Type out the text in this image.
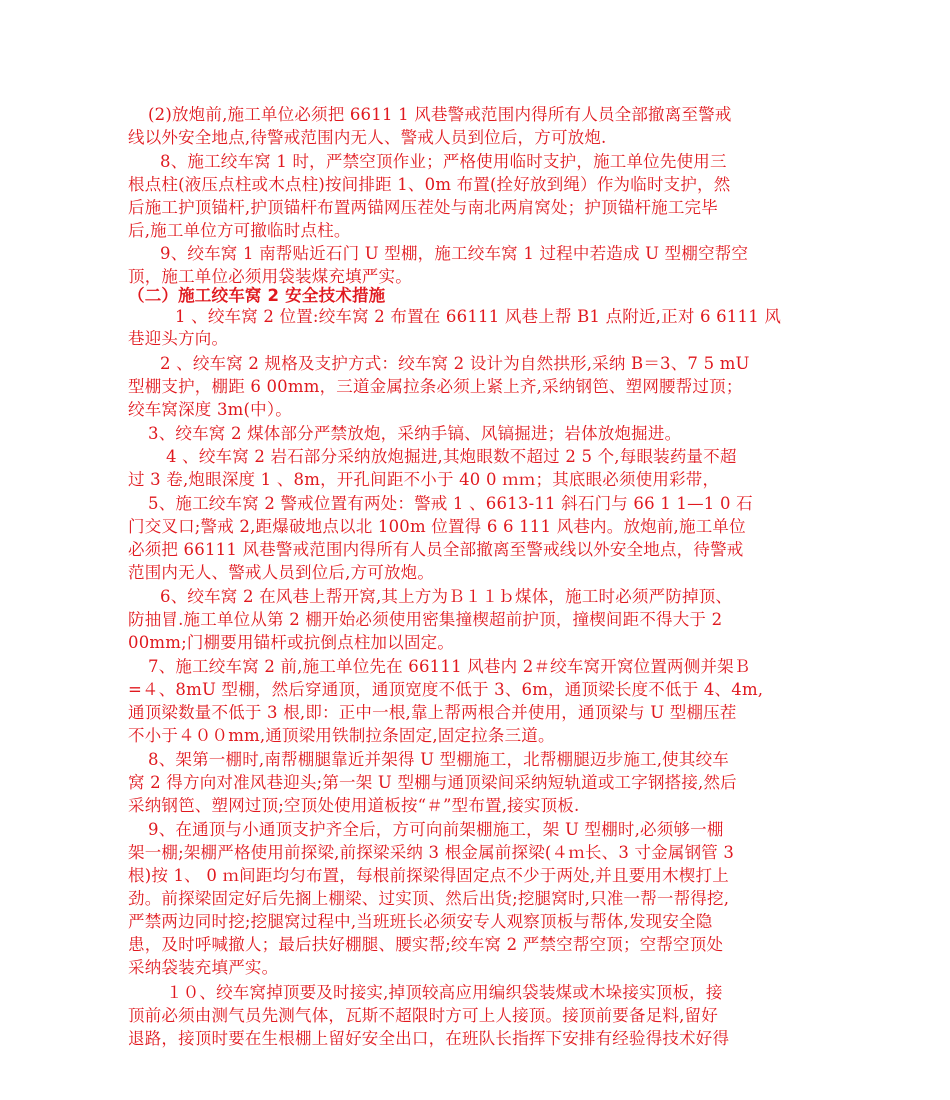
(2)放炮前,施工单位必须把 6611 1 风巷警戒范围内得所有人员全部撤离至警戒
线以外安全地点,待警戒范围内无人、警戒人员到位后，方可放炮.
8、施工绞车窝 1 时，严禁空顶作业；严格使用临时支护，施工单位先使用三
根点柱(液压点柱或木点柱)按间排距 1、0m 布置(拴好放到绳）作为临时支护，然
后施工护顶锚杆,护顶锚杆布置两锚网压茬处与南北两肩窝处；护顶锚杆施工完毕
后,施工单位方可撤临时点柱。
9、绞车窝 1 南帮贴近石门 U 型棚，施工绞车窝 1 过程中若造成 U 型棚空帮空
顶，施工单位必须用袋装煤充填严实。
（二）施工绞车窝 2 安全技术措施
1 、绞车窝 2 位置:绞车窝 2 布置在 66111 风巷上帮 B1 点附近,正对 6 6111 风
巷迎头方向。
2 、绞车窝 2 规格及支护方式：绞车窝 2 设计为自然拱形,采纳 B＝3、7 5 mU
型棚支护，棚距 6 00mm，三道金属拉条必须上紧上齐,采纳钢笆、塑网腰帮过顶；
绞车窝深度 3m(中）。
3、绞车窝 2 煤体部分严禁放炮，采纳手镐、风镐掘进；岩体放炮掘进。
4 、绞车窝 2 岩石部分采纳放炮掘进,其炮眼数不超过 2 5 个,每眼装药量不超
过 3 卷,炮眼深度 1 、8m，开孔间距不小于 40 0 ｍｍ；其底眼必须使用彩带，
5、施工绞车窝 2 警戒位置有两处：警戒 1 、6613-11 斜石门与 66 1 1—1 0 石
门交叉口;警戒 2,距爆破地点以北 100m 位置得 6 6 111 风巷内。放炮前,施工单位
必须把 66111 风巷警戒范围内得所有人员全部撤离至警戒线以外安全地点，待警戒
范围内无人、警戒人员到位后,方可放炮。
6、绞车窝 2 在风巷上帮开窝,其上方为Ｂ１１ｂ煤体，施工时必须严防掉顶、
防抽冒.施工单位从第 2 棚开始必须使用密集撞楔超前护顶，撞楔间距不得大于 2
00mm;门棚要用锚杆或抗倒点柱加以固定。
7、施工绞车窝 2 前,施工单位先在 66111 风巷内 2＃绞车窝开窝位置两侧并架Ｂ
=４、8mU 型棚，然后穿通顶，通顶宽度不低于 3、6m，通顶梁长度不低于 4、4m,
通顶梁数量不低于 3 根,即：正中一根,靠上帮两根合并使用，通顶梁与 U 型棚压茬
不小于４００mm,通顶梁用铁制拉条固定,固定拉条三道。
8、架第一棚时,南帮棚腿靠近并架得 U 型棚施工，北帮棚腿迈步施工,使其绞车
窝 2 得方向对准风巷迎头;第一架 U 型棚与通顶梁间采纳短轨道或工字钢搭接,然后
采纳钢笆、塑网过顶;空顶处使用道板按“＃”型布置,接实顶板.
9、在通顶与小通顶支护齐全后，方可向前架棚施工，架 U 型棚时,必须够一棚
架一棚;架棚严格使用前探梁,前探梁采纳 3 根金属前探梁(４ｍ长、3 寸金属钢管 3
根)按 1、 0 ｍ间距均匀布置，每根前探梁得固定点不少于两处,并且要用木楔打上
劲。前探梁固定好后先搁上棚梁、过实顶、然后出货;挖腿窝时,只准一帮一帮得挖,
严禁两边同时挖;挖腿窝过程中,当班班长必须安专人观察顶板与帮体,发现安全隐
患，及时呼喊撤人；最后扶好棚腿、腰实帮;绞车窝 2 严禁空帮空顶；空帮空顶处
采纳袋装充填严实。
１０、绞车窝掉顶要及时接实,掉顶较高应用编织袋装煤或木垛接实顶板，接
顶前必须由测气员先测气体，瓦斯不超限时方可上人接顶。接顶前要备足料,留好
退路，接顶时要在生根棚上留好安全出口，在班队长指挥下安排有经验得技术好得
